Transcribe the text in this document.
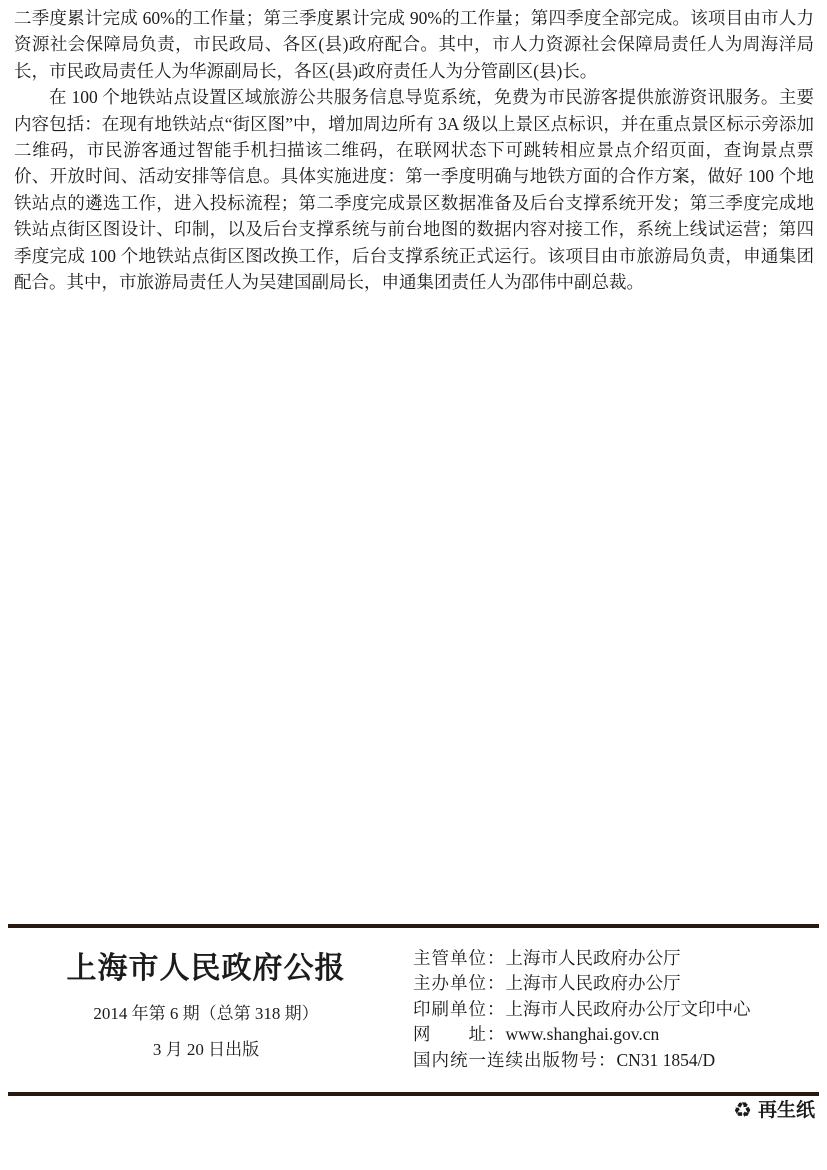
二季度累计完成 60%的工作量；第三季度累计完成 90%的工作量；第四季度全部完成。该项目由市人力资源社会保障局负责，市民政局、各区(县)政府配合。其中，市人力资源社会保障局责任人为周海洋局长，市民政局责任人为华源副局长，各区(县)政府责任人为分管副区(县)长。

在 100 个地铁站点设置区域旅游公共服务信息导览系统，免费为市民游客提供旅游资讯服务。主要内容包括：在现有地铁站点“街区图”中，增加周边所有 3A 级以上景区点标识，并在重点景区标示旁添加二维码，市民游客通过智能手机扫描该二维码，在联网状态下可跳转相应景点介绍页面，查询景点票价、开放时间、活动安排等信息。具体实施进度：第一季度明确与地铁方面的合作方案，做好 100 个地铁站点的遴选工作，进入投标流程；第二季度完成景区数据准备及后台支撑系统开发；第三季度完成地铁站点街区图设计、印制，以及后台支撑系统与前台地图的数据内容对接工作，系统上线试运营；第四季度完成 100 个地铁站点街区图改换工作，后台支撑系统正式运行。该项目由市旅游局负责，申通集团配合。其中，市旅游局责任人为吴建国副局长，申通集团责任人为邵伟中副总裁。

上海市人民政府公报
2014 年第 6 期（总第 318 期）
3 月 20 日出版
主管单位：上海市人民政府办公厅
主办单位：上海市人民政府办公厅
印刷单位：上海市人民政府办公厅文印中心
网　　址：www.shanghai.gov.cn
国内统一连续出版物号：CN31 1854/D
♻ 再生纸
